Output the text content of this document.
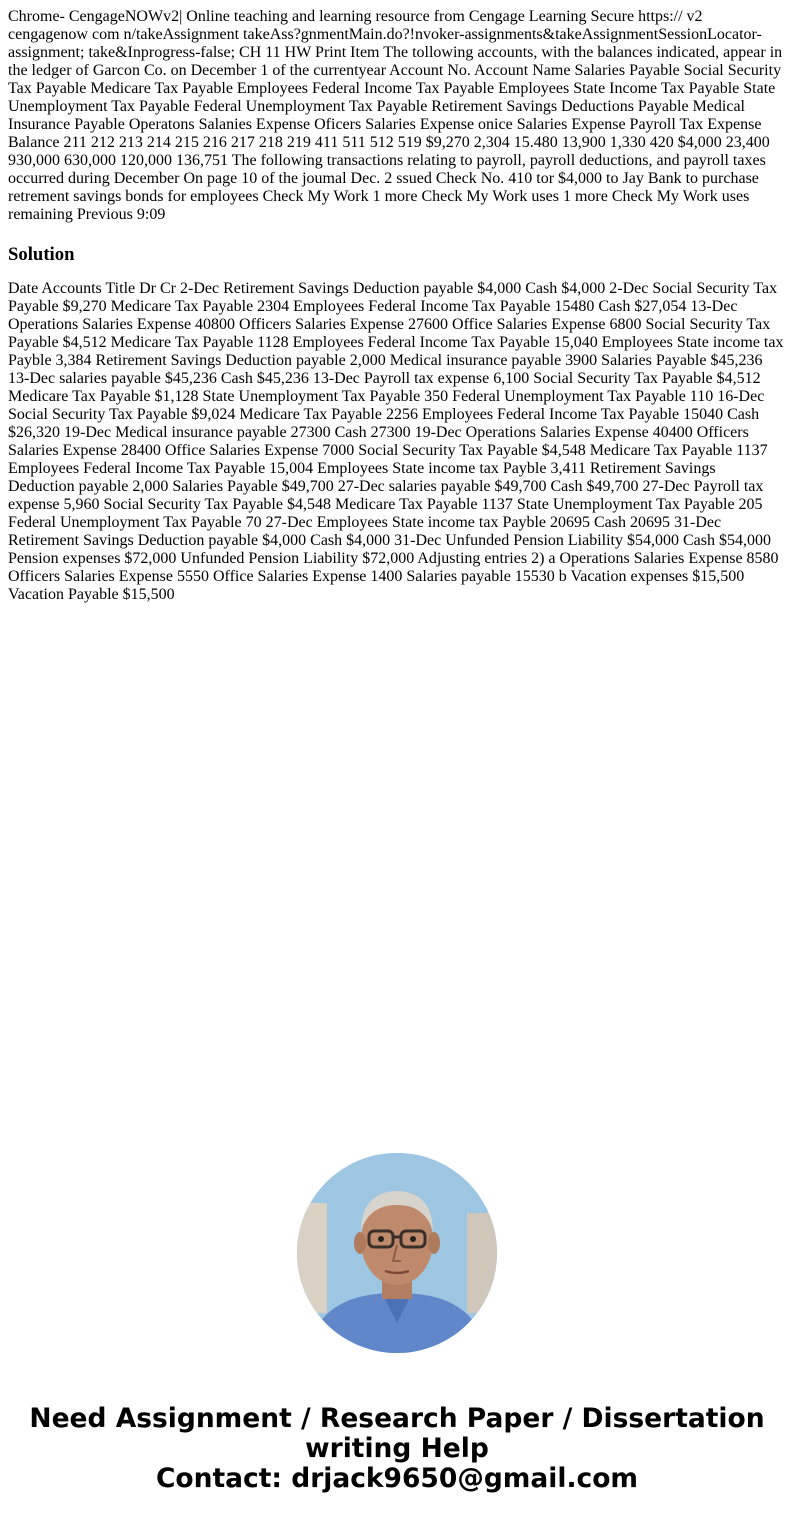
Chrome- CengageNOWv2| Online teaching and learning resource from Cengage Learning Secure https:// v2 cengagenow com n/takeAssignment takeAss?gnmentMain.do?!nvoker-assignments&takeAssignmentSessionLocator-assignment; take&Inprogress-false; CH 11 HW Print Item The tollowing accounts, with the balances indicated, appear in the ledger of Garcon Co. on December 1 of the currentyear Account No. Account Name Salaries Payable Social Security Tax Payable Medicare Tax Payable Employees Federal Income Tax Payable Employees State Income Tax Payable State Unemployment Tax Payable Federal Unemployment Tax Payable Retirement Savings Deductions Payable Medical Insurance Payable Operatons Salanies Expense Oficers Salaries Expense onice Salaries Expense Payroll Tax Expense Balance 211 212 213 214 215 216 217 218 219 411 511 512 519 $9,270 2,304 15.480 13,900 1,330 420 $4,000 23,400 930,000 630,000 120,000 136,751 The following transactions relating to payroll, payroll deductions, and payroll taxes occurred during December On page 10 of the joumal Dec. 2 ssued Check No. 410 tor $4,000 to Jay Bank to purchase retrement savings bonds for employees Check My Work 1 more Check My Work uses 1 more Check My Work uses remaining Previous 9:09

Solution

Date Accounts Title Dr Cr 2-Dec Retirement Savings Deduction payable $4,000 Cash $4,000 2-Dec Social Security Tax Payable $9,270 Medicare Tax Payable 2304 Employees Federal Income Tax Payable 15480 Cash $27,054 13-Dec Operations Salaries Expense 40800 Officers Salaries Expense 27600 Office Salaries Expense 6800 Social Security Tax Payable $4,512 Medicare Tax Payable 1128 Employees Federal Income Tax Payable 15,040 Employees State income tax Payble 3,384 Retirement Savings Deduction payable 2,000 Medical insurance payable 3900 Salaries Payable $45,236 13-Dec salaries payable $45,236 Cash $45,236 13-Dec Payroll tax expense 6,100 Social Security Tax Payable $4,512 Medicare Tax Payable $1,128 State Unemployment Tax Payable 350 Federal Unemployment Tax Payable 110 16-Dec Social Security Tax Payable $9,024 Medicare Tax Payable 2256 Employees Federal Income Tax Payable 15040 Cash $26,320 19-Dec Medical insurance payable 27300 Cash 27300 19-Dec Operations Salaries Expense 40400 Officers Salaries Expense 28400 Office Salaries Expense 7000 Social Security Tax Payable $4,548 Medicare Tax Payable 1137 Employees Federal Income Tax Payable 15,004 Employees State income tax Payble 3,411 Retirement Savings Deduction payable 2,000 Salaries Payable $49,700 27-Dec salaries payable $49,700 Cash $49,700 27-Dec Payroll tax expense 5,960 Social Security Tax Payable $4,548 Medicare Tax Payable 1137 State Unemployment Tax Payable 205 Federal Unemployment Tax Payable 70 27-Dec Employees State income tax Payble 20695 Cash 20695 31-Dec Retirement Savings Deduction payable $4,000 Cash $4,000 31-Dec Unfunded Pension Liability $54,000 Cash $54,000 Pension expenses $72,000 Unfunded Pension Liability $72,000 Adjusting entries 2) a Operations Salaries Expense 8580 Officers Salaries Expense 5550 Office Salaries Expense 1400 Salaries payable 15530 b Vacation expenses $15,500 Vacation Payable $15,500

Need Assignment / Research Paper / Dissertation
writing Help
Contact: drjack9650@gmail.com
